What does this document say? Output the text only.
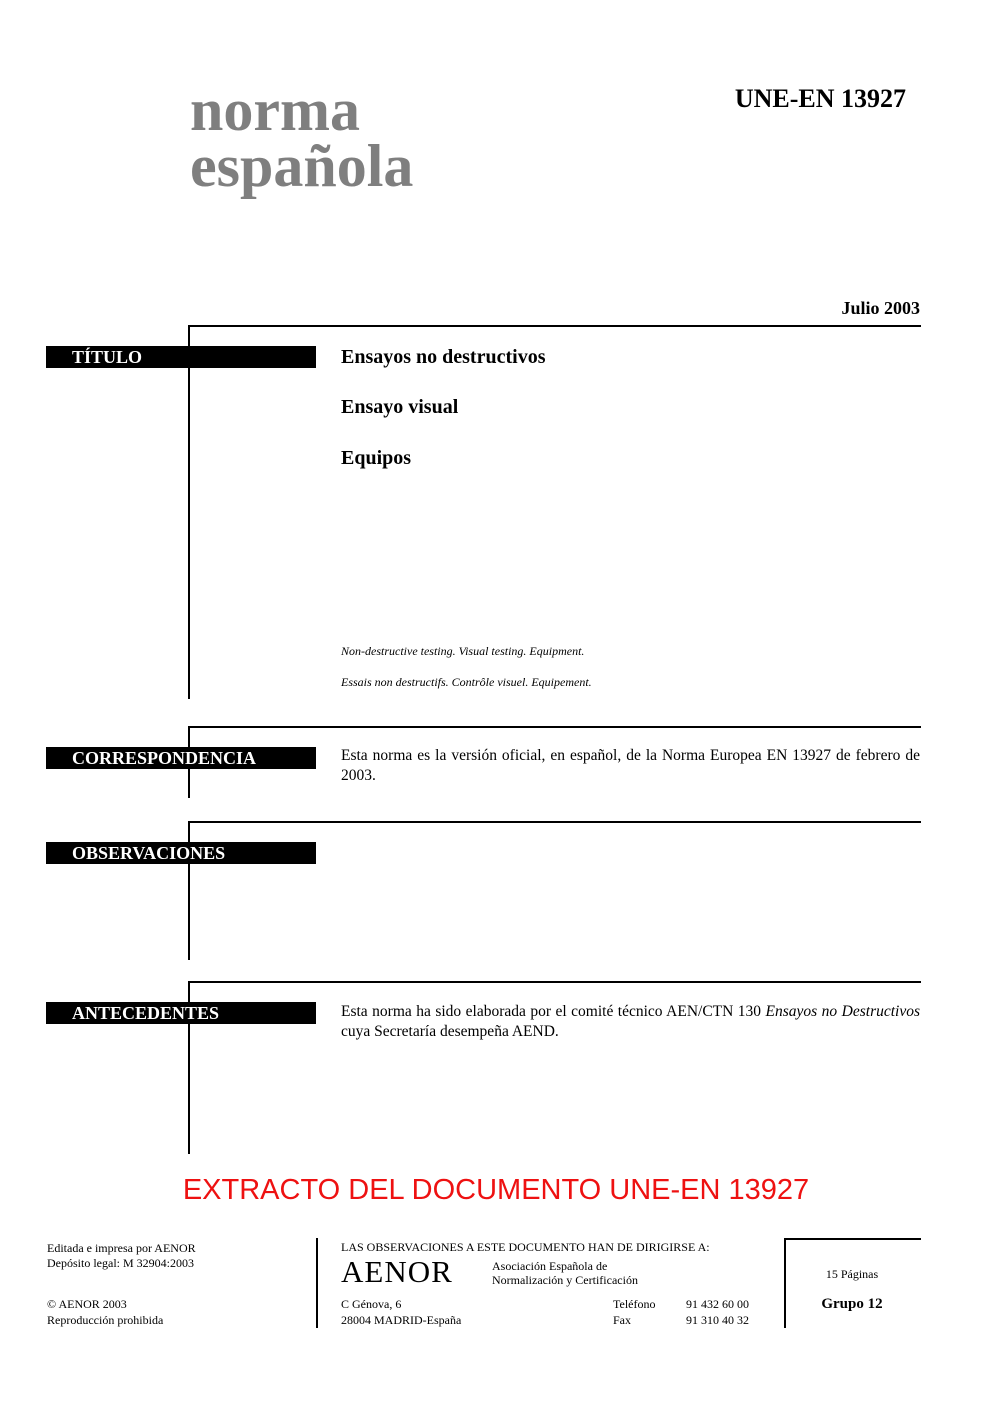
norma
española
UNE-EN 13927
Julio 2003
TÍTULO	Ensayos no destructivos
Ensayo visual
Equipos
Non-destructive testing. Visual testing. Equipment.
Essais non destructifs. Contrôle visuel. Equipement.
CORRESPONDENCIA	Esta norma es la versión oficial, en español, de la Norma Europea EN 13927 de febrero de 2003.
OBSERVACIONES
ANTECEDENTES	Esta norma ha sido elaborada por el comité técnico AEN/CTN 130 Ensayos no Destructivos cuya Secretaría desempeña AEND.
EXTRACTO DEL DOCUMENTO UNE-EN 13927
Editada e impresa por AENOR
Depósito legal: M 32904:2003
© AENOR 2003
Reproducción prohibida
LAS OBSERVACIONES A ESTE DOCUMENTO HAN DE DIRIGIRSE A:
AENOR	Asociación Española de
Normalización y Certificación
C Génova, 6
28004 MADRID-España
Teléfono	91 432 60 00
Fax	91 310 40 32
15 Páginas
Grupo 12
